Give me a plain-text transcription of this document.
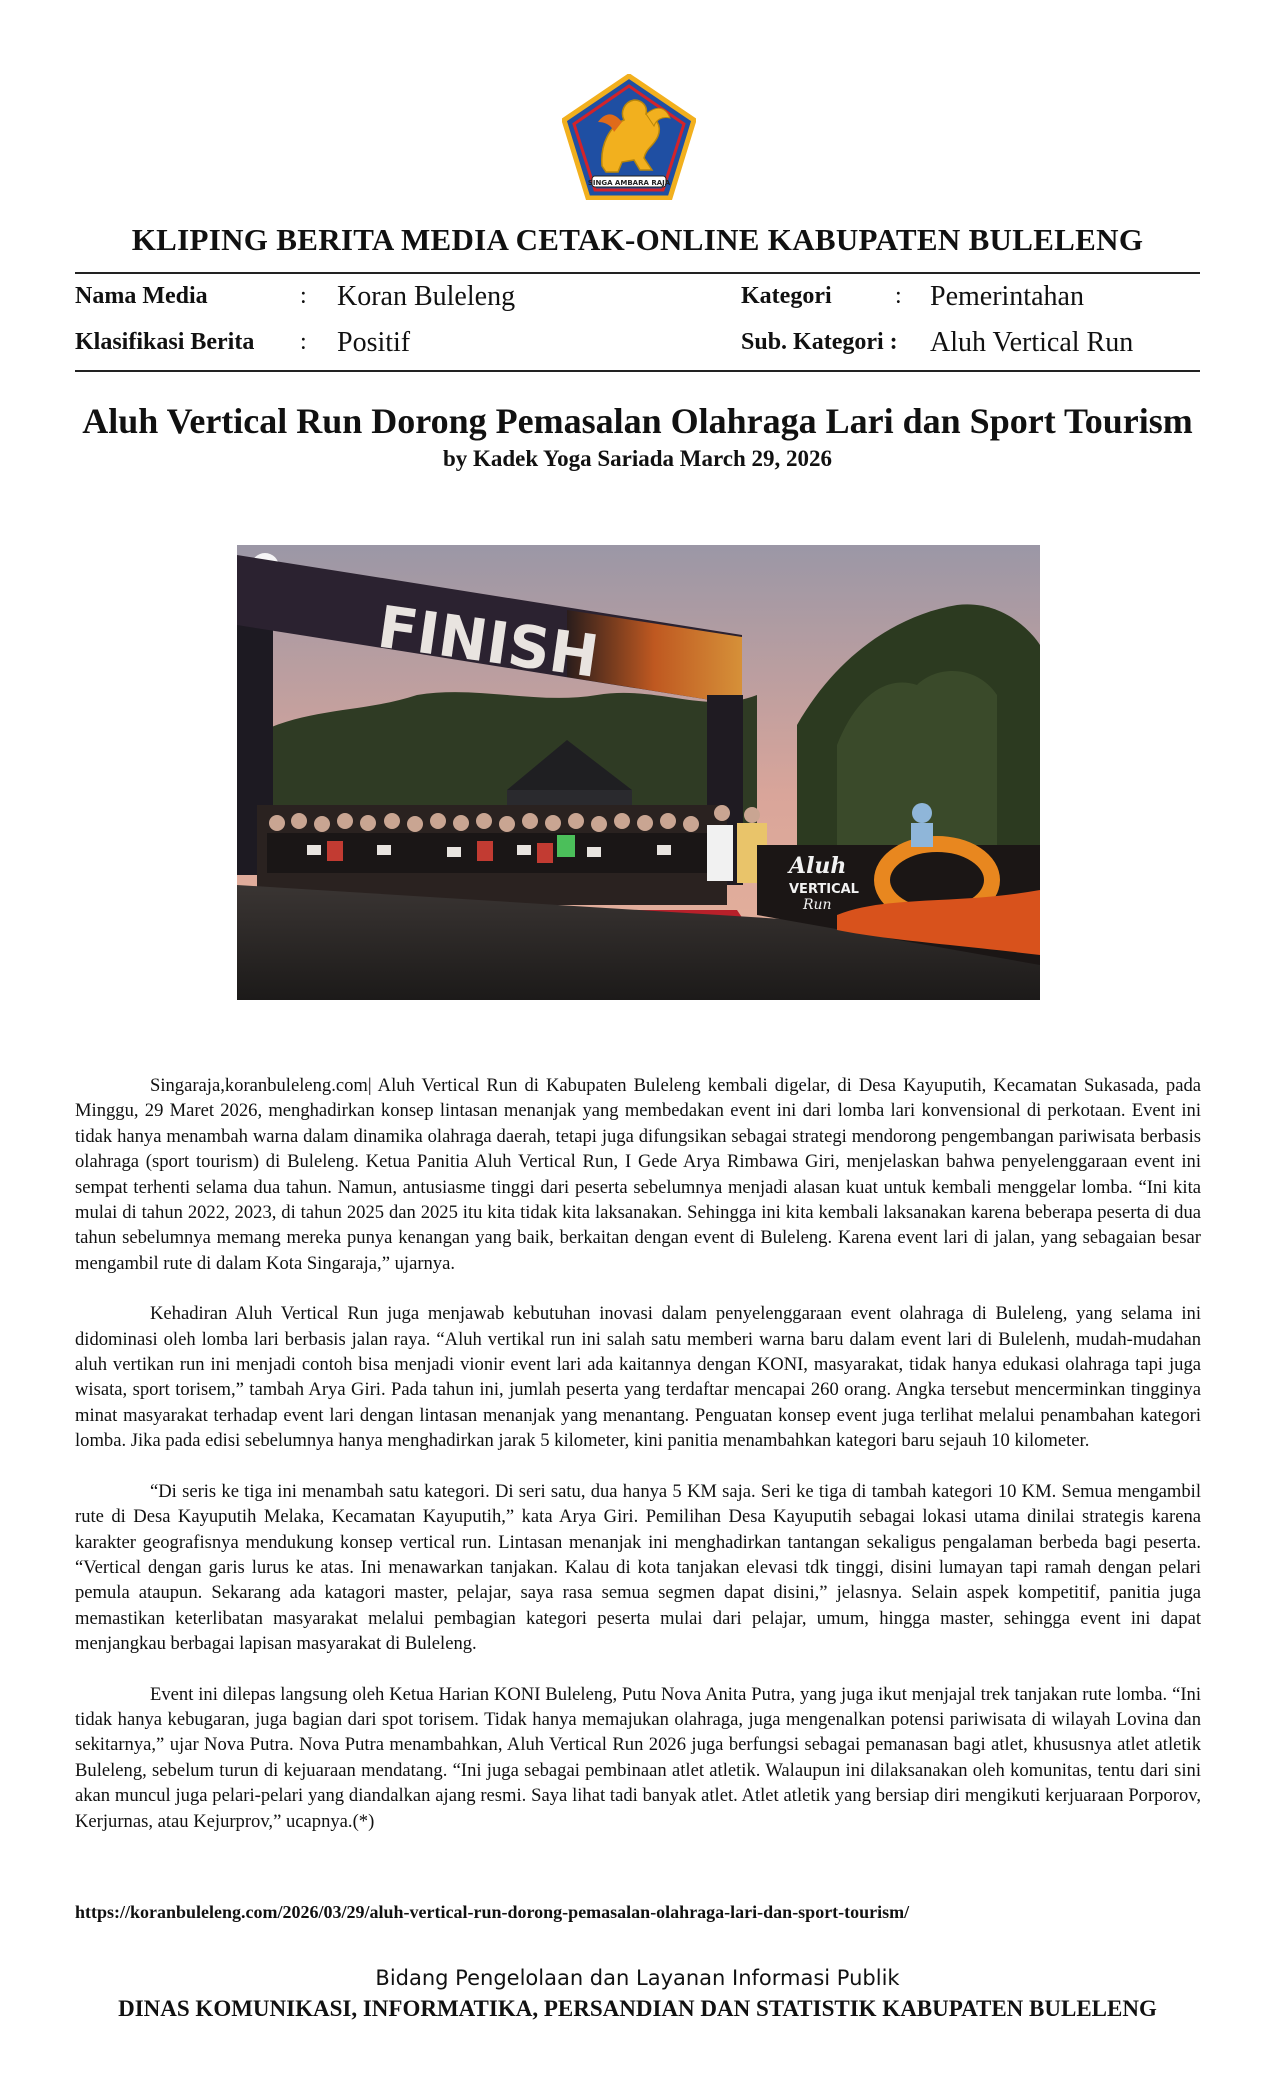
SINGA AMBARA RAJA
KLIPING BERITA MEDIA CETAK-ONLINE KABUPATEN BULELENG
Nama Media	: Koran Buleleng	Kategori	: Pemerintahan
Klasifikasi Berita : Positif	Sub. Kategori : Aluh Vertical Run
Aluh Vertical Run Dorong Pemasalan Olahraga Lari dan Sport Tourism
by Kadek Yoga Sariada March 29, 2026
FINISH
Aluh
VERTICAL
Run

Singaraja,koranbuleleng.com| Aluh Vertical Run di Kabupaten Buleleng kembali digelar, di Desa Kayuputih, Kecamatan Sukasada, pada Minggu, 29 Maret 2026, menghadirkan konsep lintasan menanjak yang membedakan event ini dari lomba lari konvensional di perkotaan. Event ini tidak hanya menambah warna dalam dinamika olahraga daerah, tetapi juga difungsikan sebagai strategi mendorong pengembangan pariwisata berbasis olahraga (sport tourism) di Buleleng. Ketua Panitia Aluh Vertical Run, I Gede Arya Rimbawa Giri, menjelaskan bahwa penyelenggaraan event ini sempat terhenti selama dua tahun. Namun, antusiasme tinggi dari peserta sebelumnya menjadi alasan kuat untuk kembali menggelar lomba. “Ini kita mulai di tahun 2022, 2023, di tahun 2025 dan 2025 itu kita tidak kita laksanakan. Sehingga ini kita kembali laksanakan karena beberapa peserta di dua tahun sebelumnya memang mereka punya kenangan yang baik, berkaitan dengan event di Buleleng. Karena event lari di jalan, yang sebagaian besar mengambil rute di dalam Kota Singaraja,” ujarnya.

Kehadiran Aluh Vertical Run juga menjawab kebutuhan inovasi dalam penyelenggaraan event olahraga di Buleleng, yang selama ini didominasi oleh lomba lari berbasis jalan raya. “Aluh vertikal run ini salah satu memberi warna baru dalam event lari di Bulelenh, mudah-mudahan aluh vertikan run ini menjadi contoh bisa menjadi vionir event lari ada kaitannya dengan KONI, masyarakat, tidak hanya edukasi olahraga tapi juga wisata, sport torisem,” tambah Arya Giri. Pada tahun ini, jumlah peserta yang terdaftar mencapai 260 orang. Angka tersebut mencerminkan tingginya minat masyarakat terhadap event lari dengan lintasan menanjak yang menantang. Penguatan konsep event juga terlihat melalui penambahan kategori lomba. Jika pada edisi sebelumnya hanya menghadirkan jarak 5 kilometer, kini panitia menambahkan kategori baru sejauh 10 kilometer.

“Di seris ke tiga ini menambah satu kategori. Di seri satu, dua hanya 5 KM saja. Seri ke tiga di tambah kategori 10 KM. Semua mengambil rute di Desa Kayuputih Melaka, Kecamatan Kayuputih,” kata Arya Giri. Pemilihan Desa Kayuputih sebagai lokasi utama dinilai strategis karena karakter geografisnya mendukung konsep vertical run. Lintasan menanjak ini menghadirkan tantangan sekaligus pengalaman berbeda bagi peserta. “Vertical dengan garis lurus ke atas. Ini menawarkan tanjakan. Kalau di kota tanjakan elevasi tdk tinggi, disini lumayan tapi ramah dengan pelari pemula ataupun. Sekarang ada katagori master, pelajar, saya rasa semua segmen dapat disini,” jelasnya. Selain aspek kompetitif, panitia juga memastikan keterlibatan masyarakat melalui pembagian kategori peserta mulai dari pelajar, umum, hingga master, sehingga event ini dapat menjangkau berbagai lapisan masyarakat di Buleleng.

Event ini dilepas langsung oleh Ketua Harian KONI Buleleng, Putu Nova Anita Putra, yang juga ikut menjajal trek tanjakan rute lomba. “Ini tidak hanya kebugaran, juga bagian dari spot torisem. Tidak hanya memajukan olahraga, juga mengenalkan potensi pariwisata di wilayah Lovina dan sekitarnya,” ujar Nova Putra. Nova Putra menambahkan, Aluh Vertical Run 2026 juga berfungsi sebagai pemanasan bagi atlet, khususnya atlet atletik Buleleng, sebelum turun di kejuaraan mendatang. “Ini juga sebagai pembinaan atlet atletik. Walaupun ini dilaksanakan oleh komunitas, tentu dari sini akan muncul juga pelari-pelari yang diandalkan ajang resmi. Saya lihat tadi banyak atlet. Atlet atletik yang bersiap diri mengikuti kerjuaraan Porporov, Kerjurnas, atau Kejurprov,” ucapnya.(*)

https://koranbuleleng.com/2026/03/29/aluh-vertical-run-dorong-pemasalan-olahraga-lari-dan-sport-tourism/
Bidang Pengelolaan dan Layanan Informasi Publik
DINAS KOMUNIKASI, INFORMATIKA, PERSANDIAN DAN STATISTIK KABUPATEN BULELENG
